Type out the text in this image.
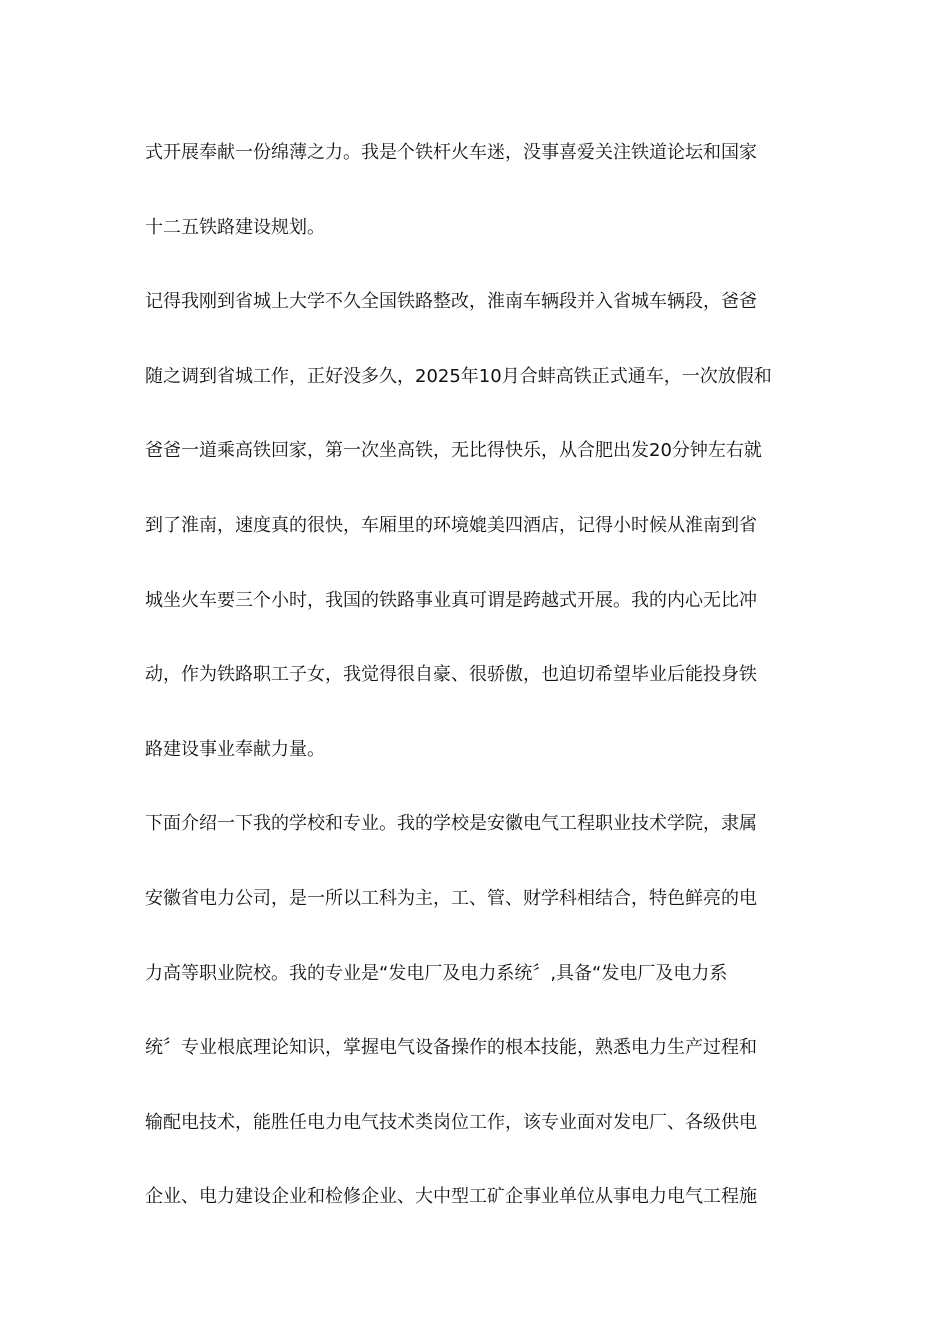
式开展奉献一份绵薄之力。我是个铁杆火车迷，没事喜爱关注铁道论坛和国家
十二五铁路建设规划。
记得我刚到省城上大学不久全国铁路整改，淮南车辆段并入省城车辆段，爸爸
随之调到省城工作，正好没多久，2025年10月合蚌高铁正式通车，一次放假和
爸爸一道乘高铁回家，第一次坐高铁，无比得快乐，从合肥出发20分钟左右就
到了淮南，速度真的很快，车厢里的环境媲美四酒店，记得小时候从淮南到省
城坐火车要三个小时，我国的铁路事业真可谓是跨越式开展。我的内心无比冲
动，作为铁路职工子女，我觉得很自豪、很骄傲，也迫切希望毕业后能投身铁
路建设事业奉献力量。
下面介绍一下我的学校和专业。我的学校是安徽电气工程职业技术学院，隶属
安徽省电力公司，是一所以工科为主，工、管、财学科相结合，特色鲜亮的电
力高等职业院校。我的专业是“发电厂及电力系统〞,具备“发电厂及电力系
统〞专业根底理论知识，掌握电气设备操作的根本技能，熟悉电力生产过程和
输配电技术，能胜任电力电气技术类岗位工作，该专业面对发电厂、各级供电
企业、电力建设企业和检修企业、大中型工矿企事业单位从事电力电气工程施
